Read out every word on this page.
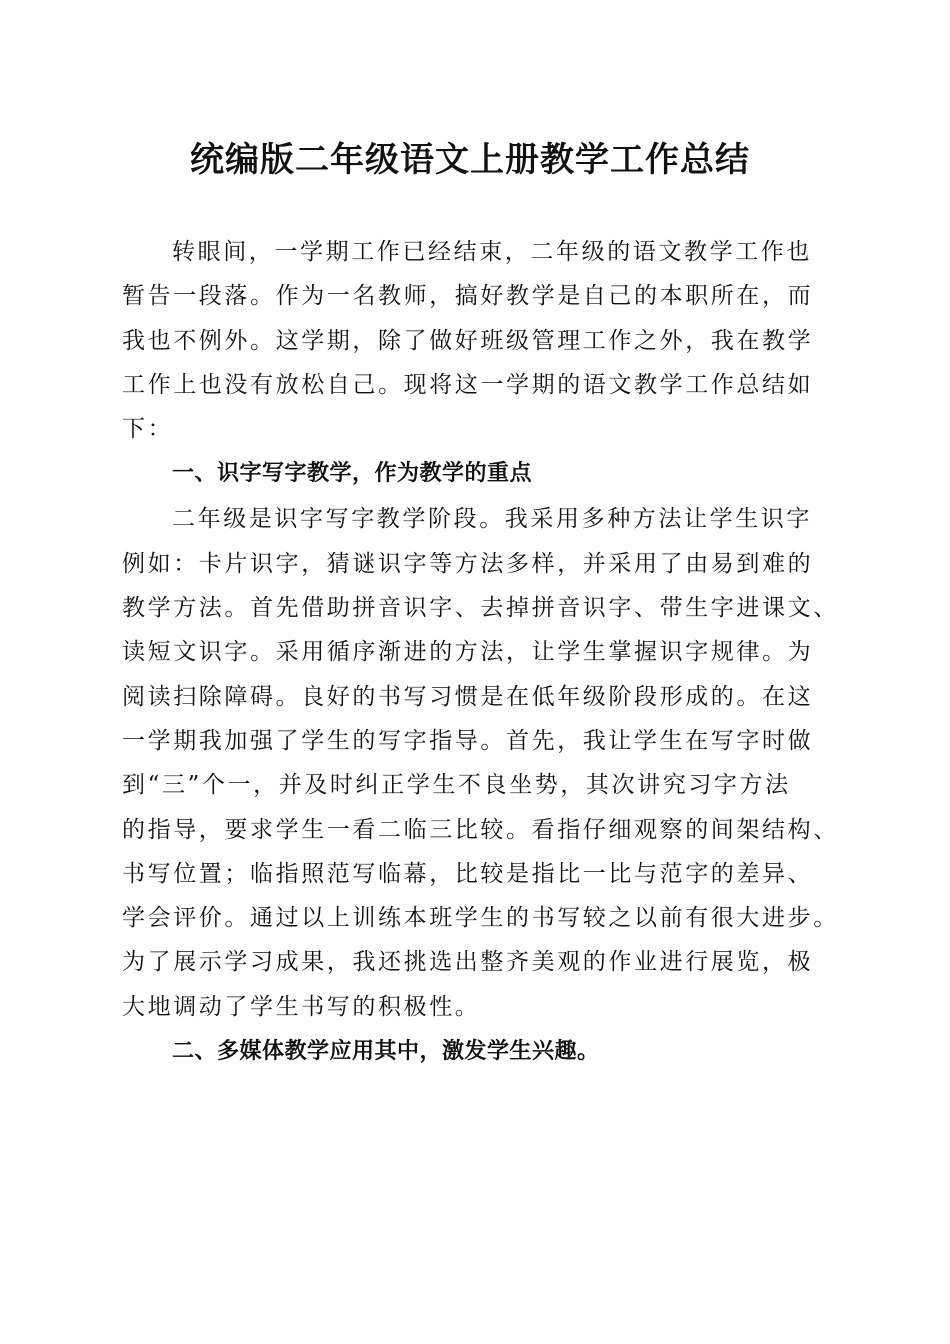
统编版二年级语文上册教学工作总结
转眼间，一学期工作已经结束，二年级的语文教学工作也
暂告一段落。作为一名教师，搞好教学是自己的本职所在，而
我也不例外。这学期，除了做好班级管理工作之外，我在教学
工作上也没有放松自己。现将这一学期的语文教学工作总结如
下：
一、识字写字教学，作为教学的重点
二年级是识字写字教学阶段。我采用多种方法让学生识字
例如：卡片识字，猜谜识字等方法多样，并采用了由易到难的
教学方法。首先借助拼音识字、去掉拼音识字、带生字进课文、
读短文识字。采用循序渐进的方法，让学生掌握识字规律。为
阅读扫除障碍。良好的书写习惯是在低年级阶段形成的。在这
一学期我加强了学生的写字指导。首先，我让学生在写字时做
到“三”个一，并及时纠正学生不良坐势，其次讲究习字方法
的指导，要求学生一看二临三比较。看指仔细观察的间架结构、
书写位置；临指照范写临幕，比较是指比一比与范字的差异、
学会评价。通过以上训练本班学生的书写较之以前有很大进步。
为了展示学习成果，我还挑选出整齐美观的作业进行展览，极
大地调动了学生书写的积极性。
二、多媒体教学应用其中，激发学生兴趣。
